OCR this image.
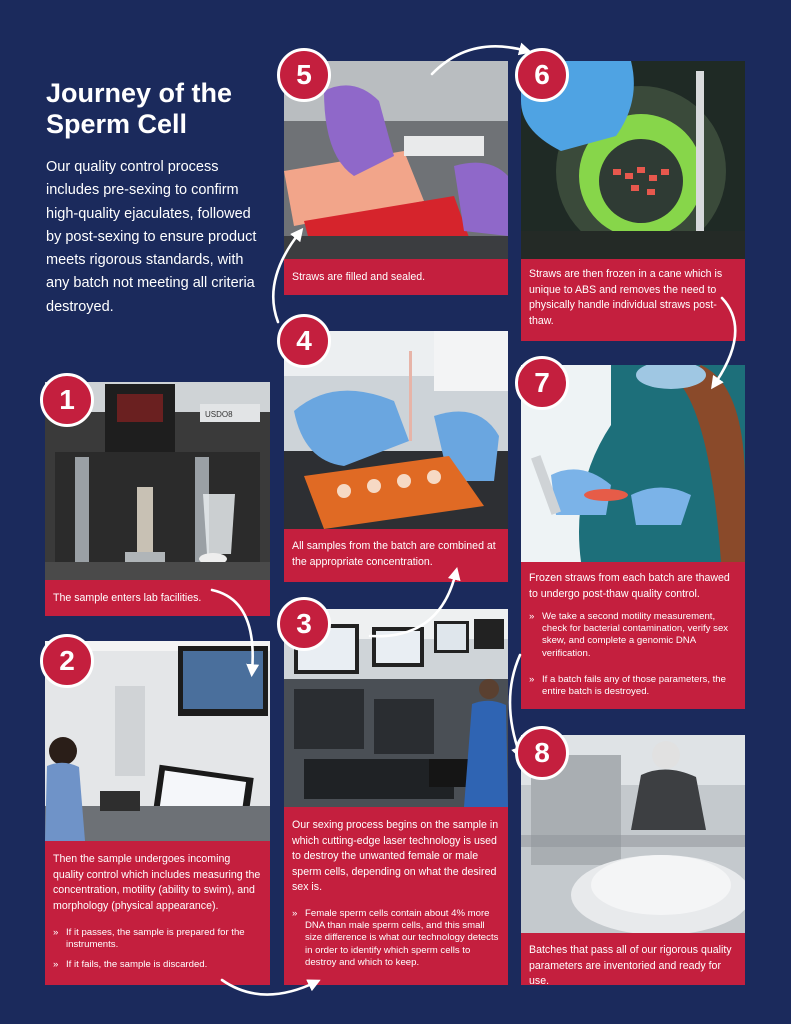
Journey of the
Sperm Cell
Our quality control process includes pre-sexing to confirm high-quality ejaculates, followed by post-sexing to ensure product meets rigorous standards, with any batch not meeting all criteria destroyed.
USDO8
The sample enters lab facilities.
Then the sample undergoes incoming quality control which includes measuring the concentration, motility (ability to swim), and morphology (physical appearance).
» If it passes, the sample is prepared for the instruments.
» If it fails, the sample is discarded.
Our sexing process begins on the sample in which cutting-edge laser technology is used to destroy the unwanted female or male sperm cells, depending on what the desired sex is.
» Female sperm cells contain about 4% more DNA than male sperm cells, and this small size difference is what our technology detects in order to identify which sperm cells to destroy and which to keep.
All samples from the batch are combined at the appropriate concentration.
Straws are filled and sealed.	Straws are then frozen in a cane which is unique to ABS and removes the need to physically handle individual straws post-thaw.
Frozen straws from each batch are thawed to undergo post-thaw quality control.
» We take a second motility measurement, check for bacterial contamination, verify sex skew, and complete a genomic DNA verification.
» If a batch fails any of those parameters, the entire batch is destroyed.
Batches that pass all of our rigorous quality parameters are inventoried and ready for use.
1
2
3
4
5	6
7
8
